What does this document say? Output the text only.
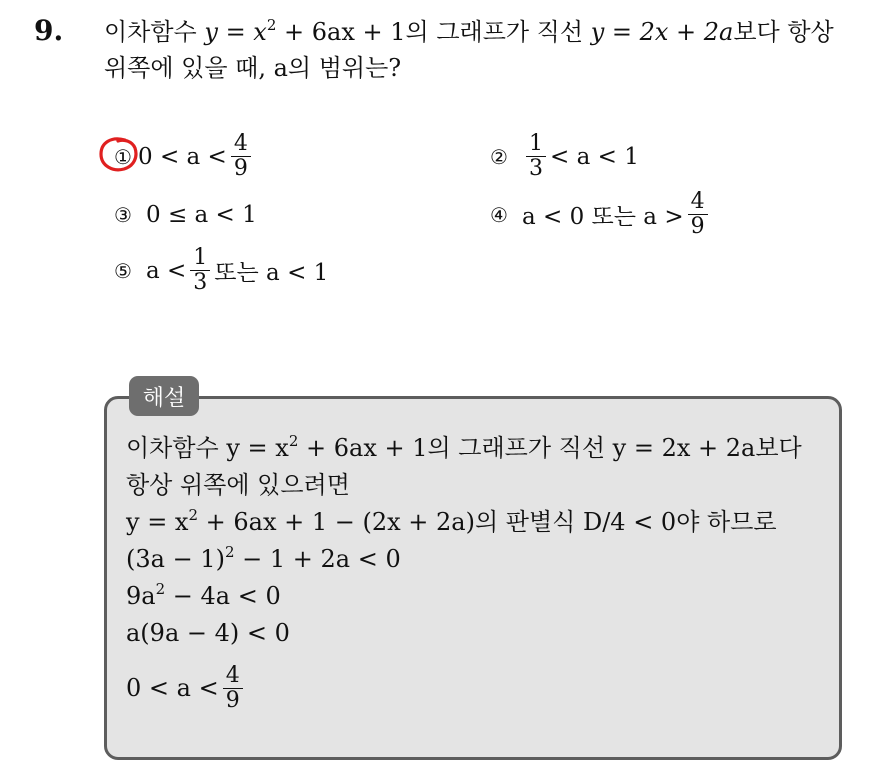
9. 이차함수 $y = x^2 + 6ax + 1$의 그래프가 직선 y = 2x + 2a보다 항상
위쪽에 있을 때, a의 범위는?
① $0 < a < \frac{4}{9}$	② $\frac{1}{3} < a < 1$
③ 0 ≤ a < 1	④ a < 0 또는 $a > \frac{4}{9}$
⑤ $a < \frac{1}{3}$ 또는 a < 1
해설
이차함수 $y = x^2 + 6ax + 1$의 그래프가 직선 y = 2x + 2a보다
항상 위쪽에 있으려면
$y = x^2 + 6ax + 1 - (2x + 2a)$의 판별식 D/4 < 0야 하므로
$(3a - 1)^2 - 1 + 2a < 0$
$9a^2 - 4a < 0$
a(9a − 4) < 0
$0 < a < \frac{4}{9}$
